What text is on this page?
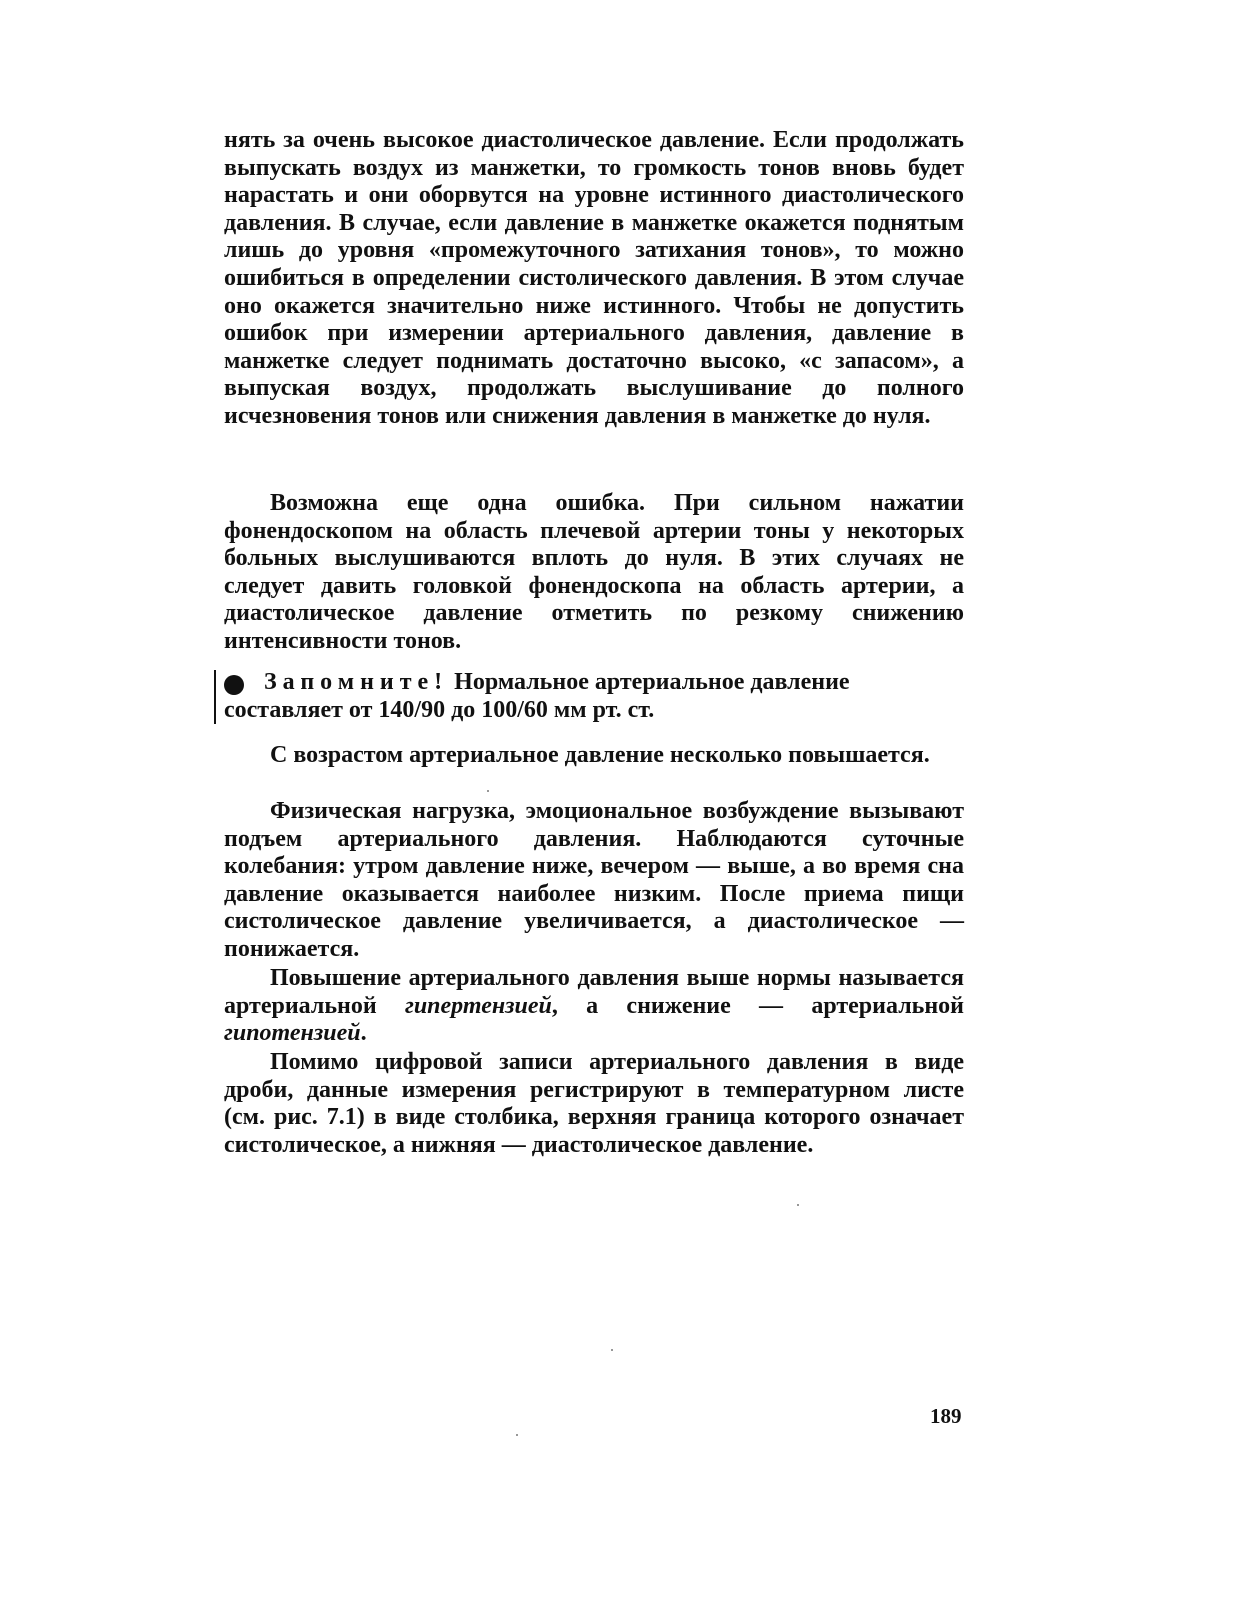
нять за очень высокое диастолическое давление. Если продолжать выпускать воздух из манжетки, то громкость тонов вновь будет нарастать и они оборвутся на уровне истинного диастолического давления. В случае, если давление в манжетке окажется поднятым лишь до уровня «промежуточного затихания тонов», то можно ошибиться в определении систолического давления. В этом случае оно окажется значительно ниже истинного. Чтобы не допустить ошибок при измерении артериального давления, давление в манжетке следует поднимать достаточно высоко, «с запасом», а выпуская воздух, продолжать выслушивание до полного исчезновения тонов или снижения давления в манжетке до нуля.

Возможна еще одна ошибка. При сильном нажатии фонендоскопом на область плечевой артерии тоны у некоторых больных выслушиваются вплоть до нуля. В этих случаях не следует давить головкой фонендоскопа на область артерии, а диастолическое давление отметить по резкому снижению интенсивности тонов.

Запомните! Нормальное артериальное давление
составляет от 140/90 до 100/60 мм рт. ст.

С возрастом артериальное давление несколько повышается.

Физическая нагрузка, эмоциональное возбуждение вызывают подъем артериального давления. Наблюдаются суточные колебания: утром давление ниже, вечером — выше, а во время сна давление оказывается наиболее низким. После приема пищи систолическое давление увеличивается, а диастолическое — понижается.

Повышение артериального давления выше нормы называется артериальной гипертензией, а снижение — артериальной гипотензией.

Помимо цифровой записи артериального давления в виде дроби, данные измерения регистрируют в температурном листе (см. рис. 7.1) в виде столбика, верхняя граница которого означает систолическое, а нижняя — диастолическое давление.

189
